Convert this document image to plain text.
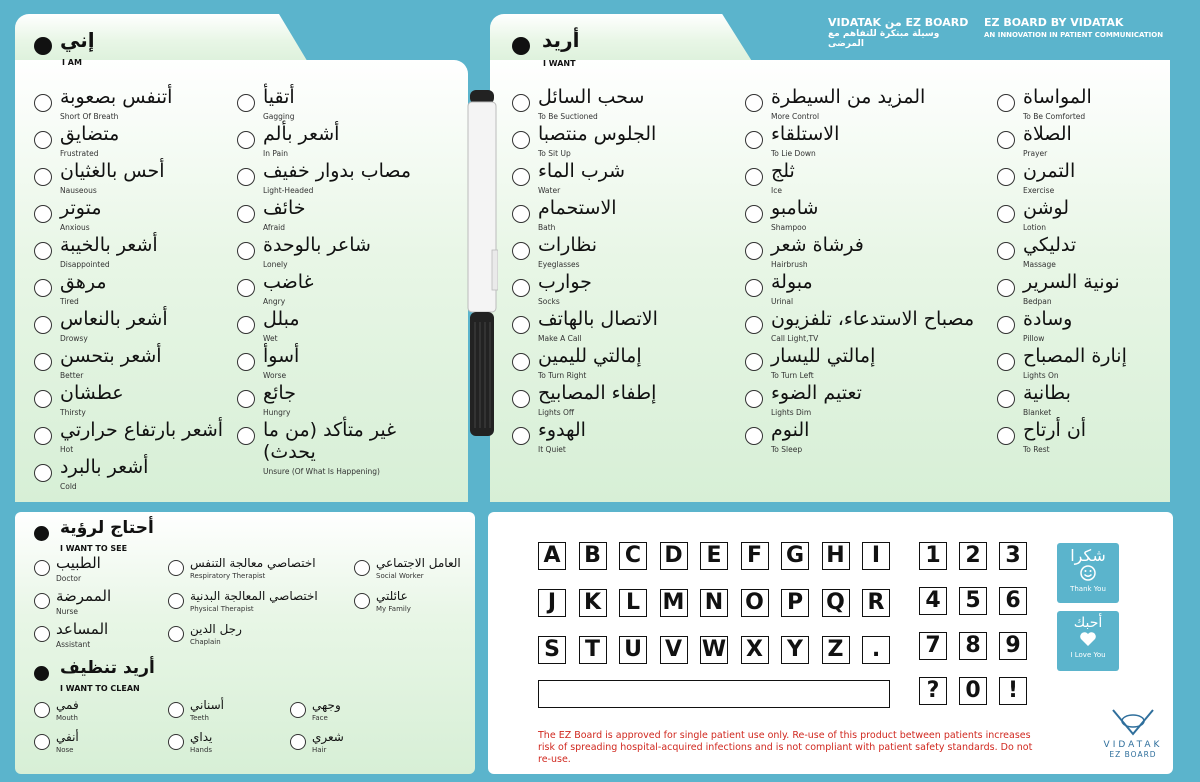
VIDATAK من EZ BOARD
وسيلة مبتكرة للتفاهم مع المرضى
EZ BOARD BY VIDATAK
AN INNOVATION IN PATIENT COMMUNICATION
إني
I AM
أريد
I WANT
أحتاج لرؤية
I WANT TO SEE
أريد تنظيف
I WANT TO CLEAN
أتنفس بصعوبة
Short Of Breath
متضايق
Frustrated
أحس بالغثيان
Nauseous
متوتر
Anxious
أشعر بالخيبة
Disappointed
مرهق
Tired
أشعر بالنعاس
Drowsy
أشعر بتحسن
Better
عطشان
Thirsty
أشعر بارتفاع حرارتي
Hot
أشعر بالبرد
Cold
أتقيأ
Gagging
أشعر بألم
In Pain
مصاب بدوار خفيف
Light-Headed
خائف
Afraid
شاعر بالوحدة
Lonely
غاضب
Angry
مبلل
Wet
أسوأ
Worse
جائع
Hungry
غير متأكد (من ما يحدث)
Unsure (Of What Is Happening)
سحب السائل
To Be Suctioned
الجلوس منتصبا
To Sit Up
شرب الماء
Water
الاستحمام
Bath
نظارات
Eyeglasses
جوارب
Socks
الاتصال بالهاتف
Make A Call
إمالتي لليمين
To Turn Right
إطفاء المصابيح
Lights Off
الهدوء
It Quiet
المزيد من السيطرة
More Control
الاستلقاء
To Lie Down
ثلج
Ice
شامبو
Shampoo
فرشاة شعر
Hairbrush
مبولة
Urinal
مصباح الاستدعاء، تلفزيون
Call Light,TV
إمالتي لليسار
To Turn Left
تعتيم الضوء
Lights Dim
النوم
To Sleep
المواساة
To Be Comforted
الصلاة
Prayer
التمرن
Exercise
لوشن
Lotion
تدليكي
Massage
نونية السرير
Bedpan
وسادة
Pillow
إنارة المصباح
Lights On
بطانية
Blanket
أن أرتاح
To Rest
الطبيب
Doctor
الممرضة
Nurse
المساعد
Assistant
اختصاصي معالجة التنفس
Respiratory Therapist
اختصاصي المعالجة البدنية
Physical Therapist
رجل الدين
Chaplain
العامل الاجتماعي
Social Worker
عائلتي
My Family
فمي
Mouth
أنفي
Nose
أسناني
Teeth
يداي
Hands
وجهي
Face
شعري
Hair
A B C D E F G H	I
J	K	L	M N O P Q R
S T U V W X Y Z	.
1 2 3
4 5 6
7 8 9
?	0	!
شكرا
Thank You
أحبك
I Love You
The EZ Board is approved for single patient use only. Re-use of this product between patients increases risk of spreading hospital-acquired infections and is not compliant with patient safety standards. Do not re-use.
VIDATAK
EZ BOARD
